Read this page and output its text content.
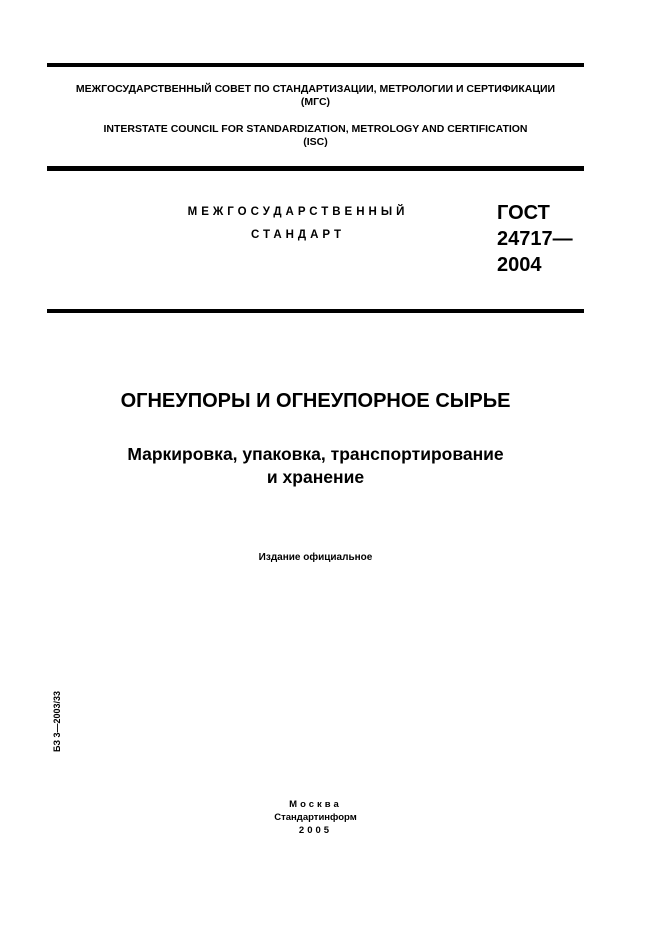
МЕЖГОСУДАРСТВЕННЫЙ СОВЕТ ПО СТАНДАРТИЗАЦИИ, МЕТРОЛОГИИ И СЕРТИФИКАЦИИ
(МГС)
INTERSTATE COUNCIL FOR STANDARDIZATION, METROLOGY AND CERTIFICATION
(ISC)
МЕЖГОСУДАРСТВЕННЫЙ
СТАНДАРТ
ГОСТ
24717—
2004
ОГНЕУПОРЫ И ОГНЕУПОРНОЕ СЫРЬЕ
Маркировка, упаковка, транспортирование
и хранение
Издание официальное
БЗ 3—2003/33
Москва
Стандартинформ
2005
